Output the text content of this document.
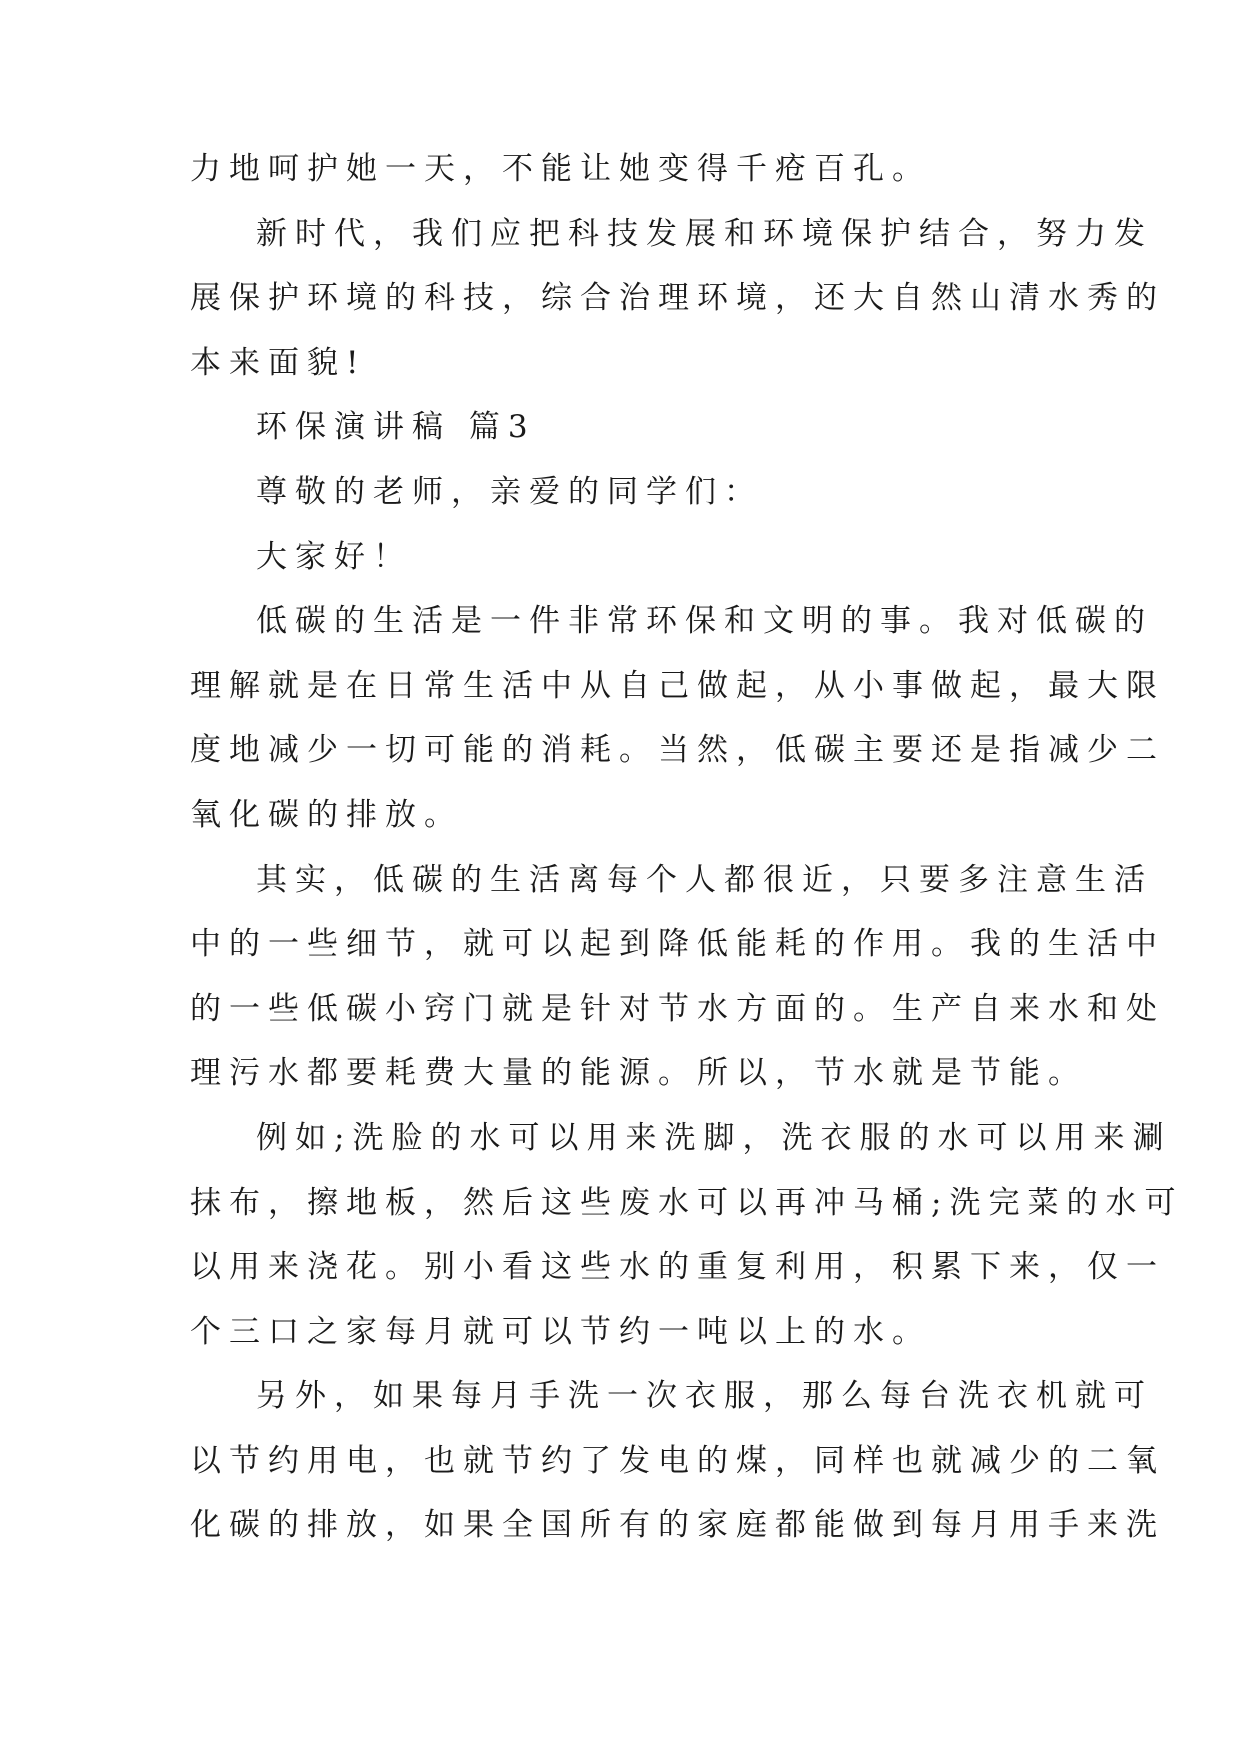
力地呵护她一天，不能让她变得千疮百孔。
新时代，我们应把科技发展和环境保护结合，努力发
展保护环境的科技，综合治理环境，还大自然山清水秀的
本来面貌!
环保演讲稿 篇3
尊敬的老师，亲爱的同学们：
大家好！
低碳的生活是一件非常环保和文明的事。我对低碳的
理解就是在日常生活中从自己做起，从小事做起，最大限
度地减少一切可能的消耗。当然，低碳主要还是指减少二
氧化碳的排放。
其实，低碳的生活离每个人都很近，只要多注意生活
中的一些细节，就可以起到降低能耗的作用。我的生活中
的一些低碳小窍门就是针对节水方面的。生产自来水和处
理污水都要耗费大量的能源。所以，节水就是节能。
例如;洗脸的水可以用来洗脚，洗衣服的水可以用来涮
抹布，擦地板，然后这些废水可以再冲马桶;洗完菜的水可
以用来浇花。别小看这些水的重复利用，积累下来，仅一
个三口之家每月就可以节约一吨以上的水。
另外，如果每月手洗一次衣服，那么每台洗衣机就可
以节约用电，也就节约了发电的煤，同样也就减少的二氧
化碳的排放，如果全国所有的家庭都能做到每月用手来洗
